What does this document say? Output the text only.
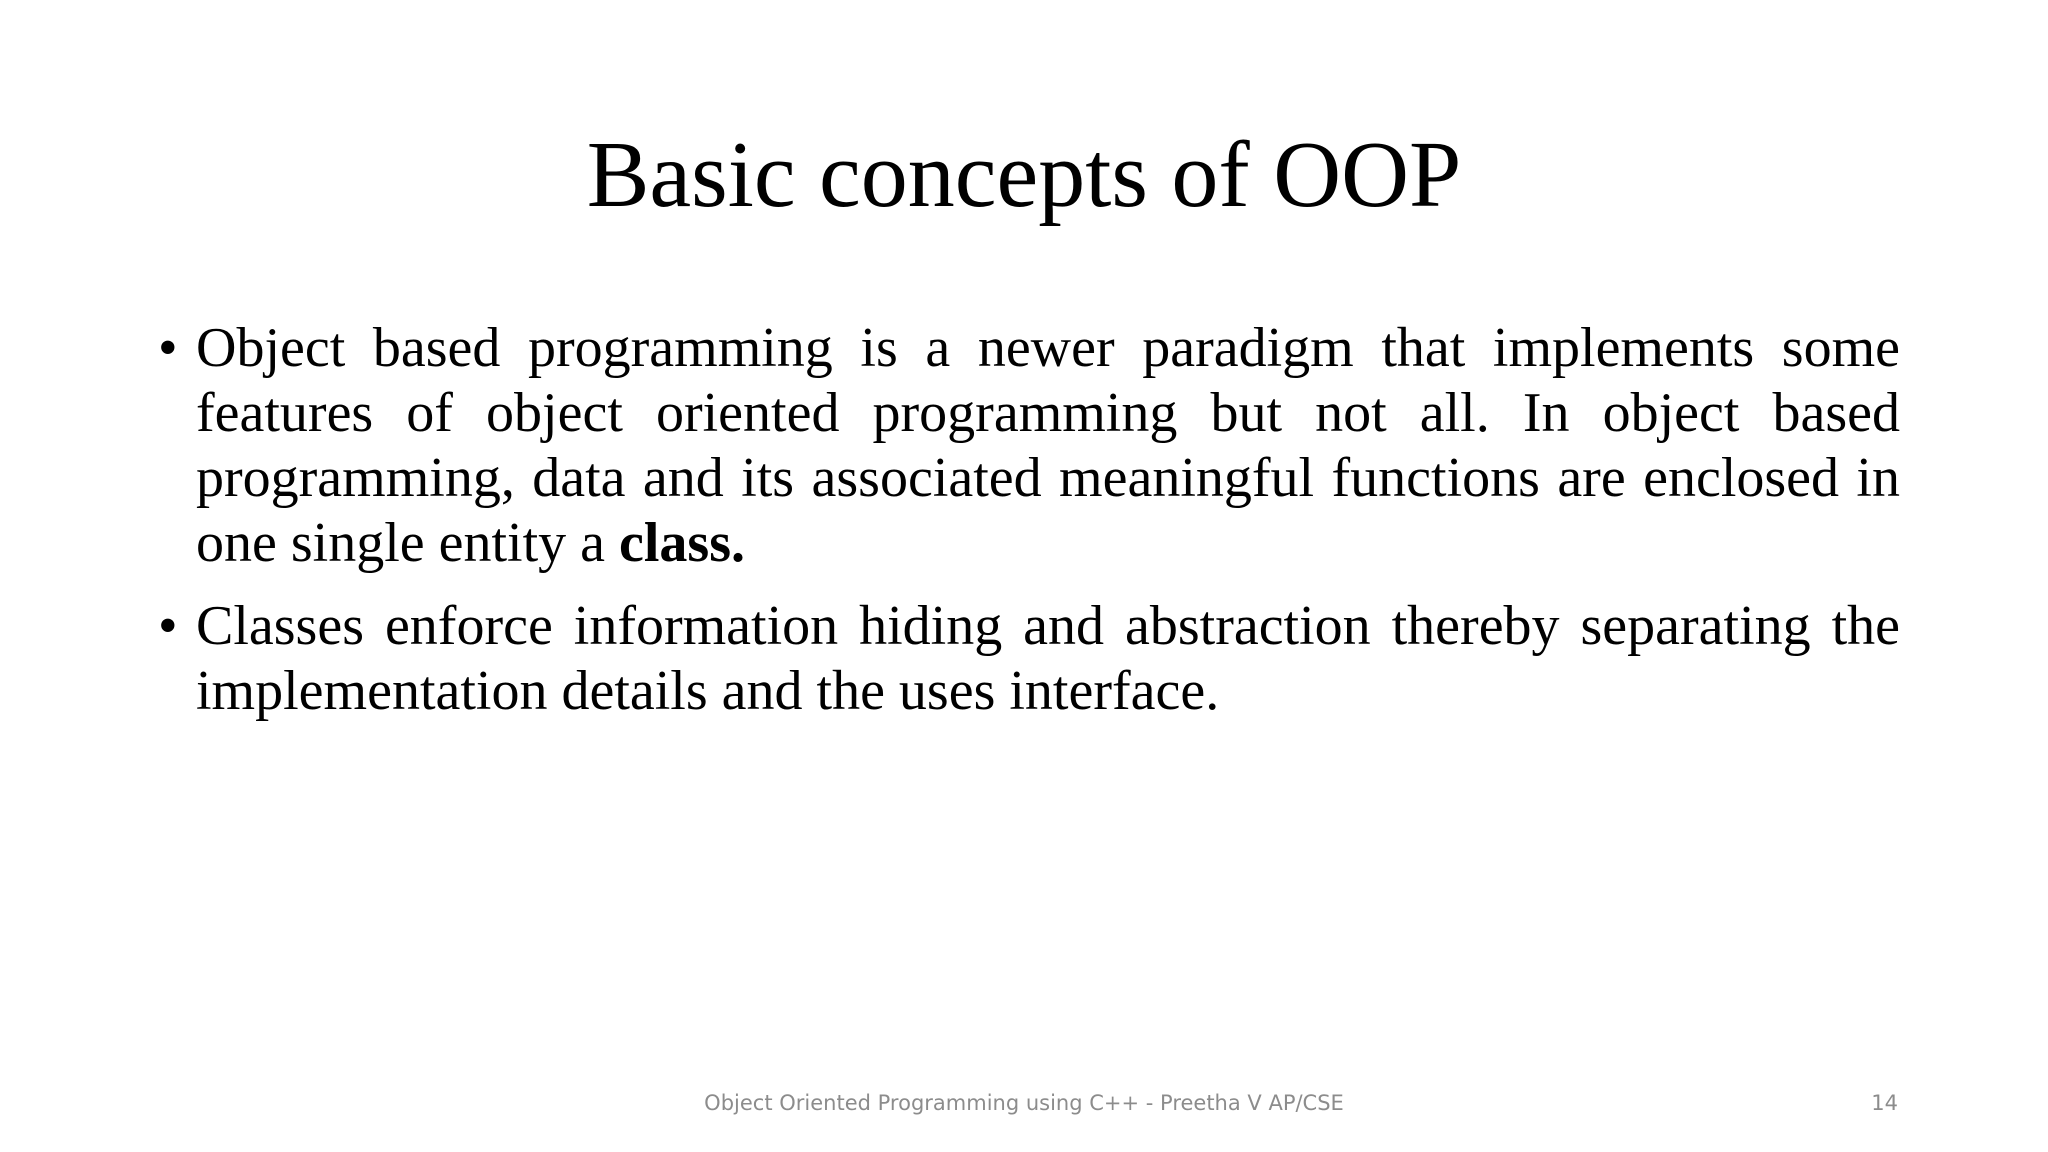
Basic concepts of OOP
• Object based programming is a newer paradigm that implements some features of object oriented programming but not all. In object based programming, data and its associated meaningful functions are enclosed in one single entity a class.
• Classes enforce information hiding and abstraction thereby separating the implementation details and the uses interface.
Object Oriented Programming using C++ - Preetha V AP/CSE	14
